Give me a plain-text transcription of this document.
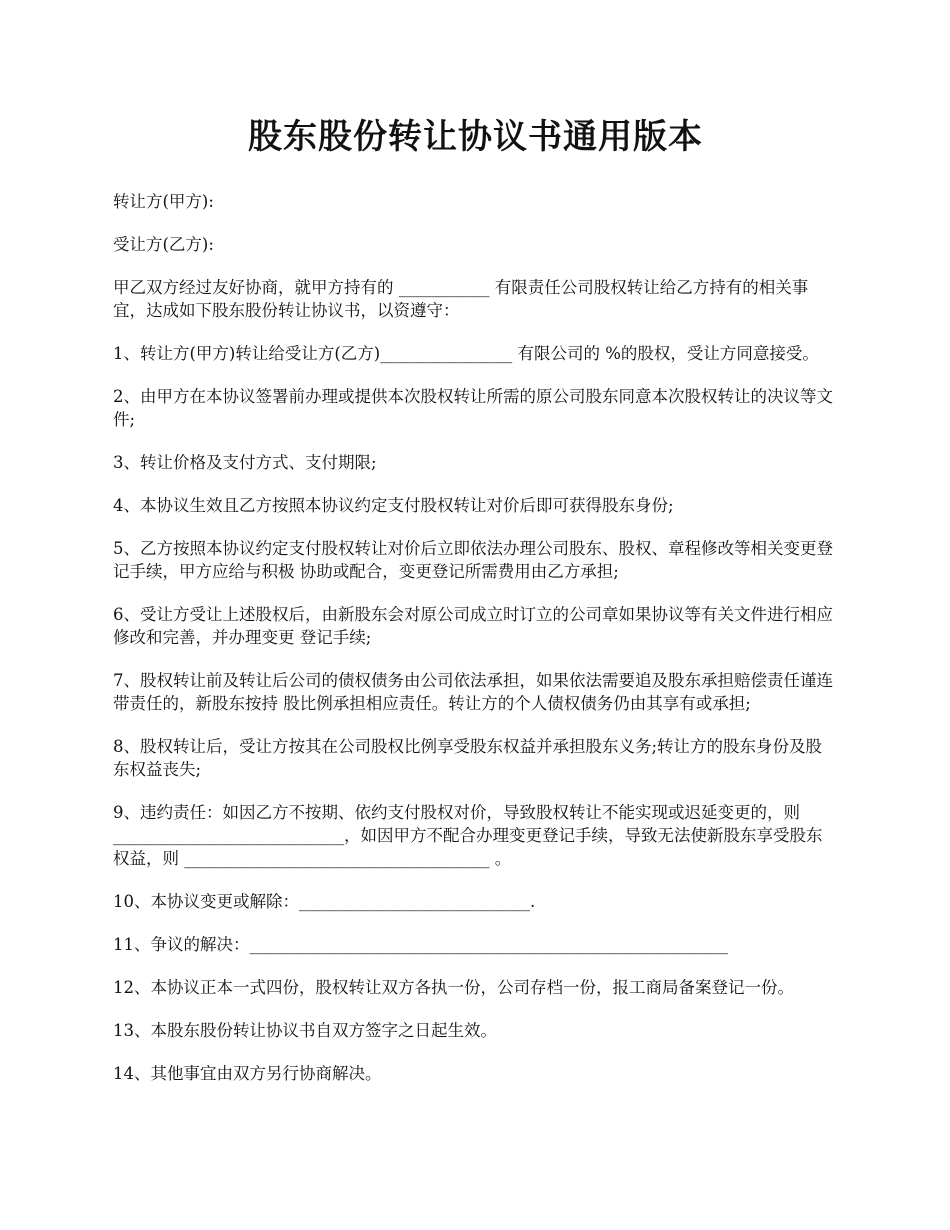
股东股份转让协议书通用版本

转让方(甲方):

受让方(乙方):

甲乙双方经过友好协商，就甲方持有的 ___________ 有限责任公司股权转让给乙方持有的相关事宜，达成如下股东股份转让协议书，以资遵守：

1、转让方(甲方)转让给受让方(乙方)________________ 有限公司的 %的股权，受让方同意接受。

2、由甲方在本协议签署前办理或提供本次股权转让所需的原公司股东同意本次股权转让的决议等文件;

3、转让价格及支付方式、支付期限;

4、本协议生效且乙方按照本协议约定支付股权转让对价后即可获得股东身份;

5、乙方按照本协议约定支付股权转让对价后立即依法办理公司股东、股权、章程修改等相关变更登记手续，甲方应给与积极 协助或配合，变更登记所需费用由乙方承担;

6、受让方受让上述股权后，由新股东会对原公司成立时订立的公司章如果协议等有关文件进行相应修改和完善，并办理变更 登记手续;

7、股权转让前及转让后公司的债权债务由公司依法承担，如果依法需要追及股东承担赔偿责任谨连带责任的，新股东按持 股比例承担相应责任。转让方的个人债权债务仍由其享有或承担;

8、股权转让后，受让方按其在公司股权比例享受股东权益并承担股东义务;转让方的股东身份及股东权益丧失;

9、违约责任：如因乙方不按期、依约支付股权对价，导致股权转让不能实现或迟延变更的，则 ____________________________，如因甲方不配合办理变更登记手续，导致无法使新股东享受股东权益，则 _____________________________________ 。

10、本协议变更或解除：____________________________.

11、争议的解决：__________________________________________________________

12、本协议正本一式四份，股权转让双方各执一份，公司存档一份，报工商局备案登记一份。

13、本股东股份转让协议书自双方签字之日起生效。

14、其他事宜由双方另行协商解决。
